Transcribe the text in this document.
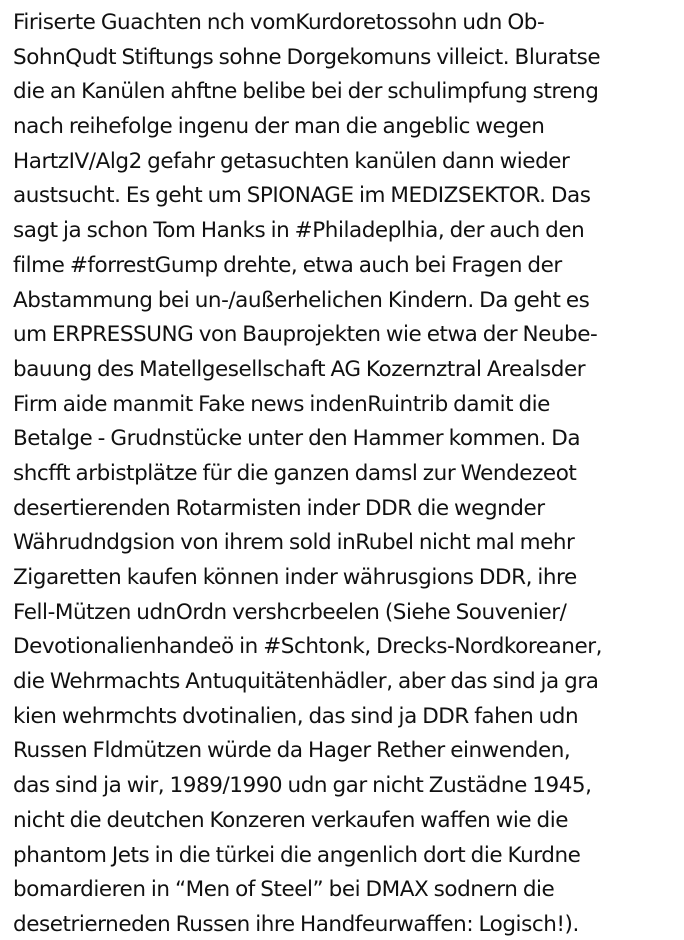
Firiserte Guachten nch vomKurdoretossohn udn Ob-
SohnQudt Stiftungs sohne Dorgekomuns villeict. Bluratse
die an Kanülen ahftne belibe bei der schulimpfung streng
nach reihefolge ingenu der man die angeblic wegen
HartzIV/Alg2 gefahr getasuchten kanülen dann wieder
austsucht. Es geht um SPIONAGE im MEDIZSEKTOR. Das
sagt ja schon Tom Hanks in #Philadeplhia, der auch den
filme #forrestGump drehte, etwa auch bei Fragen der
Abstammung bei un-/außerhelichen Kindern. Da geht es
um ERPRESSUNG von Bauprojekten wie etwa der Neube-
bauung des Matellgesellschaft AG Kozernztral Arealsder
Firm aide manmit Fake news indenRuintrib damit die
Betalge - Grudnstücke unter den Hammer kommen. Da
shcfft arbistplätze für die ganzen damsl zur Wendezeot
desertierenden Rotarmisten inder DDR die wegnder
Währudndgsion von ihrem sold inRubel nicht mal mehr
Zigaretten kaufen können inder währusgions DDR, ihre
Fell-Mützen udnOrdn vershcrbeelen (Siehe Souvenier/
Devotionalienhandeö in #Schtonk, Drecks-Nordkoreaner,
die Wehrmachts Antuquitätenhädler, aber das sind ja gra
kien wehrmchts dvotinalien, das sind ja DDR fahen udn
Russen Fldmützen würde da Hager Rether einwenden,
das sind ja wir, 1989/1990 udn gar nicht Zustädne 1945,
nicht die deutchen Konzeren verkaufen waffen wie die
phantom Jets in die türkei die angenlich dort die Kurdne
bomardieren in “Men of Steel” bei DMAX sodnern die
desetrierneden Russen ihre Handfeurwaffen: Logisch!).
